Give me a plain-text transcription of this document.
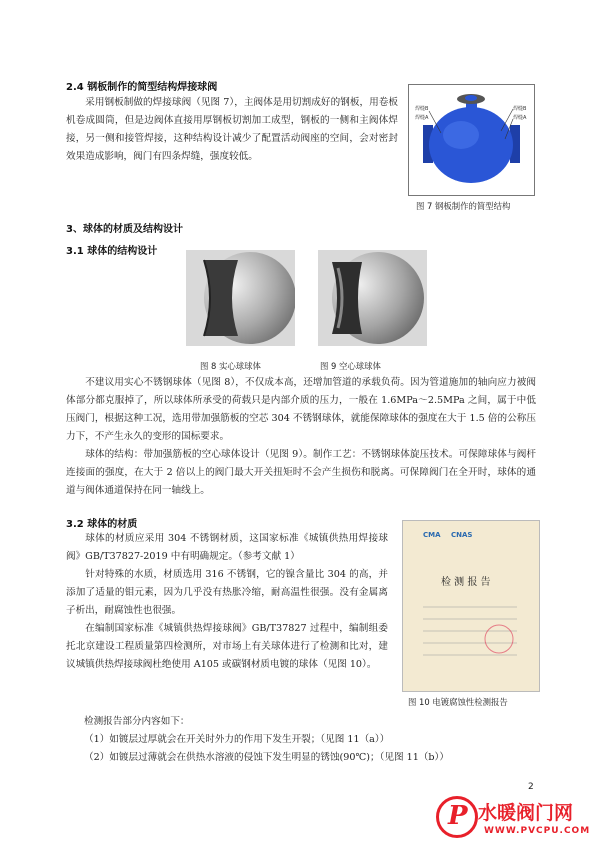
2.4 钢板制作的简型结构焊接球阀

采用钢板制做的焊接球阀（见图 7），主阀体是用切割成好的钢板，用卷板机卷成圆筒，但是边阀体直接用厚钢板切割加工成型，钢板的一侧和主阀体焊接，另一侧和接管焊接，这种结构设计减少了配置活动阀座的空间，会对密封效果造成影响，阀门有四条焊缝，强度较低。

焊缝B
焊缝A
焊缝B
焊缝A
图 7 钢板制作的简型结构
3、球体的材质及结构设计
3.1 球体的结构设计
图 8 实心球球体	图 9 空心球球体

不建议用实心不锈钢球体（见图 8），不仅成本高，还增加管道的承载负荷。因为管道施加的轴向应力被阀体部分都克服掉了，所以球体所承受的荷载只是内部介质的压力，一般在 1.6MPa～2.5MPa 之间，属于中低压阀门，根据这种工况，选用带加强筋板的空芯 304 不锈钢球体，就能保障球体的强度在大于 1.5 倍的公称压力下，不产生永久的变形的国标要求。

球体的结构：带加强筋板的空心球体设计（见图 9）。制作工艺：不锈钢球体旋压技术。可保障球体与阀杆连接面的强度，在大于 2 倍以上的阀门最大开关扭矩时不会产生损伤和脱离。可保障阀门在全开时，球体的通道与阀体通道保持在同一轴线上。

3.2 球体的材质

球体的材质应采用 304 不锈钢材质，这国家标准《城镇供热用焊接球阀》GB/T37827-2019 中有明确规定。（参考文献 1）

针对特殊的水质，材质选用 316 不锈钢，它的镍含量比 304 的高，并添加了适量的钼元素，因为几乎没有热胀冷缩，耐高温性很强。没有金属离子析出，耐腐蚀性也很强。

在编制国家标准《城镇供热焊接球阀》GB/T37827 过程中，编制组委托北京建设工程质量第四检测所，对市场上有关球体进行了检测和比对，建议城镇供热焊接球阀杜绝使用 A105 或碳钢材质电镀的球体（见图 10）。

CMA CNAS
检 测 报 告
图 10 电镀腐蚀性检测报告
检测报告部分内容如下：
（1）如镀层过厚就会在开关时外力的作用下发生开裂；（见图 11（a））
（2）如镀层过薄就会在供热水溶液的侵蚀下发生明显的锈蚀(90℃)；（见图 11（b））
2
P 水暖阀门网
WWW.PVCPU.COM
